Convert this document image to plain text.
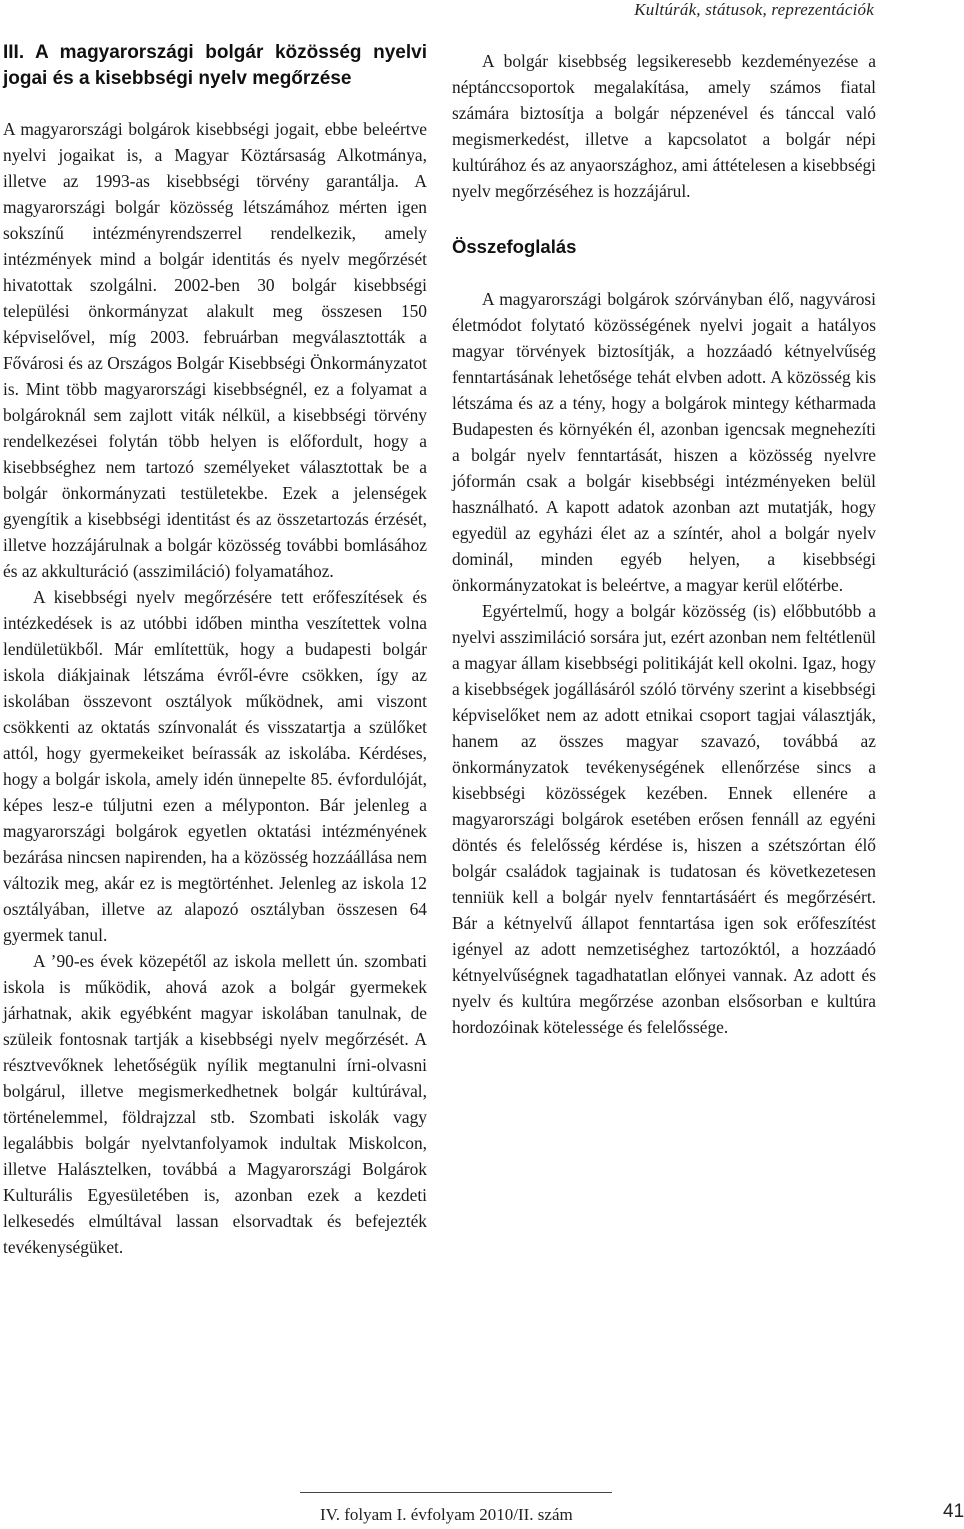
Kultúrák, státusok, reprezentációk
III. A magyarországi bolgár közösség nyelvi jogai és a kisebbségi nyelv megőrzése

A magyarországi bolgárok kisebbségi jogait, ebbe beleértve nyelvi jogaikat is, a Magyar Köztársaság Alkotmánya, illetve az 1993-as kisebbségi törvény garantálja. A magyarországi bolgár közösség létszámához mérten igen sokszínű intézményrendszerrel rendelkezik, amely intézmények mind a bolgár identitás és nyelv megőrzését hivatottak szolgálni. 2002-ben 30 bolgár kisebbségi települési önkormányzat alakult meg összesen 150 képviselővel, míg 2003. februárban megválasztották a Fővárosi és az Országos Bolgár Kisebbségi Önkormányzatot is. Mint több magyarországi kisebbségnél, ez a folyamat a bolgároknál sem zajlott viták nélkül, a kisebbségi törvény rendelkezései folytán több helyen is előfordult, hogy a kisebbséghez nem tartozó személyeket választottak be a bolgár önkormányzati testületekbe. Ezek a jelenségek gyengítik a kisebbségi identitást és az összetartozás érzését, illetve hozzájárulnak a bolgár közösség további bomlásához és az akkulturáció (asszimiláció) folyamatához.

A kisebbségi nyelv megőrzésére tett erőfeszítések és intézkedések is az utóbbi időben mintha veszítettek volna lendületükből. Már említettük, hogy a budapesti bolgár iskola diákjainak létszáma évről-évre csökken, így az iskolában összevont osztályok működnek, ami viszont csökkenti az oktatás színvonalát és visszatartja a szülőket attól, hogy gyermekeiket beírassák az iskolába. Kérdéses, hogy a bolgár iskola, amely idén ünnepelte 85. évfordulóját, képes lesz-e túljutni ezen a mélyponton. Bár jelenleg a magyarországi bolgárok egyetlen oktatási intézményének bezárása nincsen napirenden, ha a közösség hozzáállása nem változik meg, akár ez is megtörténhet. Jelenleg az iskola 12 osztályában, illetve az alapozó osztályban összesen 64 gyermek tanul.

A ’90-es évek közepétől az iskola mellett ún. szombati iskola is működik, ahová azok a bolgár gyermekek járhatnak, akik egyébként magyar iskolában tanulnak, de szüleik fontosnak tartják a kisebbségi nyelv megőrzését. A résztvevőknek lehetőségük nyílik megtanulni írni-olvasni bolgárul, illetve megismerkedhetnek bolgár kultúrával, történelemmel, földrajzzal stb. Szombati iskolák vagy legalábbis bolgár nyelvtanfolyamok indultak Miskolcon, illetve Halásztelken, továbbá a Magyarországi Bolgárok Kulturális Egyesületében is, azonban ezek a kezdeti lelkesedés elmúltával lassan elsorvadtak és befejezték tevékenységüket.

A bolgár kisebbség legsikeresebb kezdeményezése a néptánccsoportok megalakítása, amely számos fiatal számára biztosítja a bolgár népzenével és tánccal való megismerkedést, illetve a kapcsolatot a bolgár népi kultúrához és az anyaországhoz, ami áttételesen a kisebbségi nyelv megőrzéséhez is hozzájárul.

Összefoglalás

A magyarországi bolgárok szórványban élő, nagyvárosi életmódot folytató közösségének nyelvi jogait a hatályos magyar törvények biztosítják, a hozzáadó kétnyelvűség fenntartásának lehetősége tehát elvben adott. A közösség kis létszáma és az a tény, hogy a bolgárok mintegy kétharmada Budapesten és környékén él, azonban igencsak megnehezíti a bolgár nyelv fenntartását, hiszen a közösség nyelvre jóformán csak a bolgár kisebbségi intézményeken belül használható. A kapott adatok azonban azt mutatják, hogy egyedül az egyházi élet az a színtér, ahol a bolgár nyelv dominál, minden egyéb helyen, a kisebbségi önkormányzatokat is beleértve, a magyar kerül előtérbe.

Egyértelmű, hogy a bolgár közösség (is) előbbutóbb a nyelvi asszimiláció sorsára jut, ezért azonban nem feltétlenül a magyar állam kisebbségi politikáját kell okolni. Igaz, hogy a kisebbségek jogállásáról szóló törvény szerint a kisebbségi képviselőket nem az adott etnikai csoport tagjai választják, hanem az összes magyar szavazó, továbbá az önkormányzatok tevékenységének ellenőrzése sincs a kisebbségi közösségek kezében. Ennek ellenére a magyarországi bolgárok esetében erősen fennáll az egyéni döntés és felelősség kérdése is, hiszen a szétszórtan élő bolgár családok tagjainak is tudatosan és következetesen tenniük kell a bolgár nyelv fenntartásáért és megőrzésért. Bár a kétnyelvű állapot fenntartása igen sok erőfeszítést igényel az adott nemzetiséghez tartozóktól, a hozzáadó kétnyelvűségnek tagadhatatlan előnyei vannak. Az adott és nyelv és kultúra megőrzése azonban elsősorban e kultúra hordozóinak kötelessége és felelőssége.

IV. folyam I. évfolyam 2010/II. szám	41
